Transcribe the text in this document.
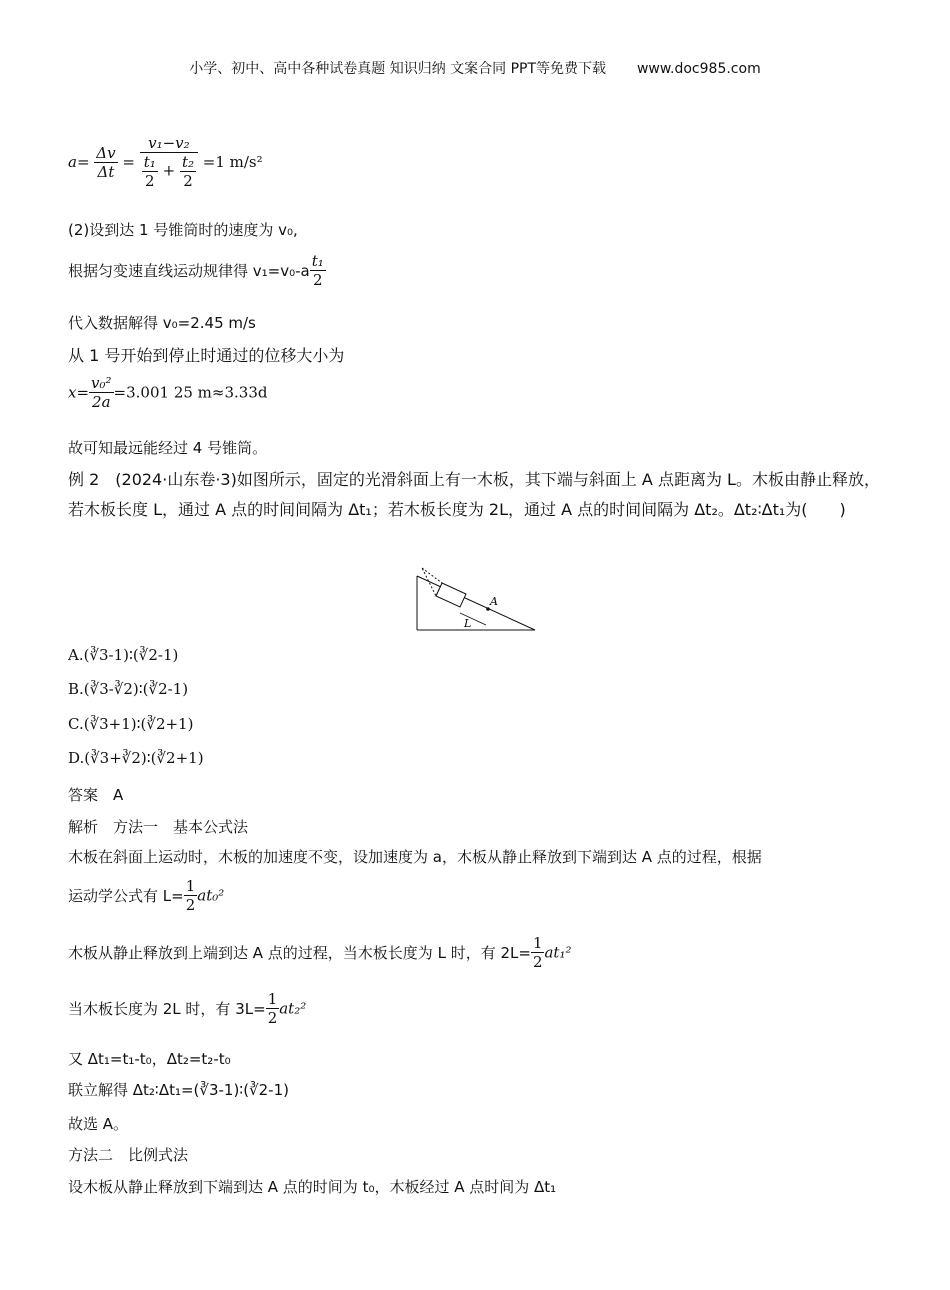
小学、初中、高中各种试卷真题 知识归纳 文案合同 PPT等免费下载 www.doc985.com
$a= \frac{\Delta v}{\Delta t} = \frac{\text{v₁−v₂}}{\frac{\text{t₁}}{2} + \frac{\text{t₂}}{2}} =1$ m/s²
(2)设到达 1 号锥筒时的速度为 v₀,
根据匀变速直线运动规律得 $v_1=v_0-a \frac{\text{t₁}}{2}$
代入数据解得 v₀=2.45 m/s
从 1 号开始到停止时通过的位移大小为
$x= \frac{\text{v₀²}}{2a} =3.001$ 25 m≈3.33d
故可知最远能经过 4 号锥筒。
例 2　(2024·山东卷·3)如图所示，固定的光滑斜面上有一木板，其下端与斜面上 A 点距离为 L。木板由静止释放，若木板长度 L，通过 A 点的时间间隔为 Δt₁；若木板长度为 2L，通过 A 点的时间间隔为 Δt₂。Δt₂∶Δt₁为(　　)
A
L
A.(∛3-1)∶(∛2-1)
B.(∛3-∛2)∶(∛2-1)
C.(∛3+1)∶(∛2+1)
D.(∛3+∛2)∶(∛2+1)
答案　A
解析　方法一　基本公式法
木板在斜面上运动时，木板的加速度不变，设加速度为 a，木板从静止释放到下端到达 A 点的过程，根据
运动学公式有 $L= \frac{1}{2} at_0^2$
木板从静止释放到上端到达 A 点的过程，当木板长度为 L 时，有 $2L= \frac{1}{2} at_1^2$
当木板长度为 2L 时，有 $3L= \frac{1}{2} at_2^2$
又 Δt₁=t₁-t₀，Δt₂=t₂-t₀
联立解得 Δt₂∶Δt₁=(∛3-1)∶(∛2-1)
故选 A。
方法二　比例式法
设木板从静止释放到下端到达 A 点的时间为 t₀，木板经过 A 点时间为 Δt₁
